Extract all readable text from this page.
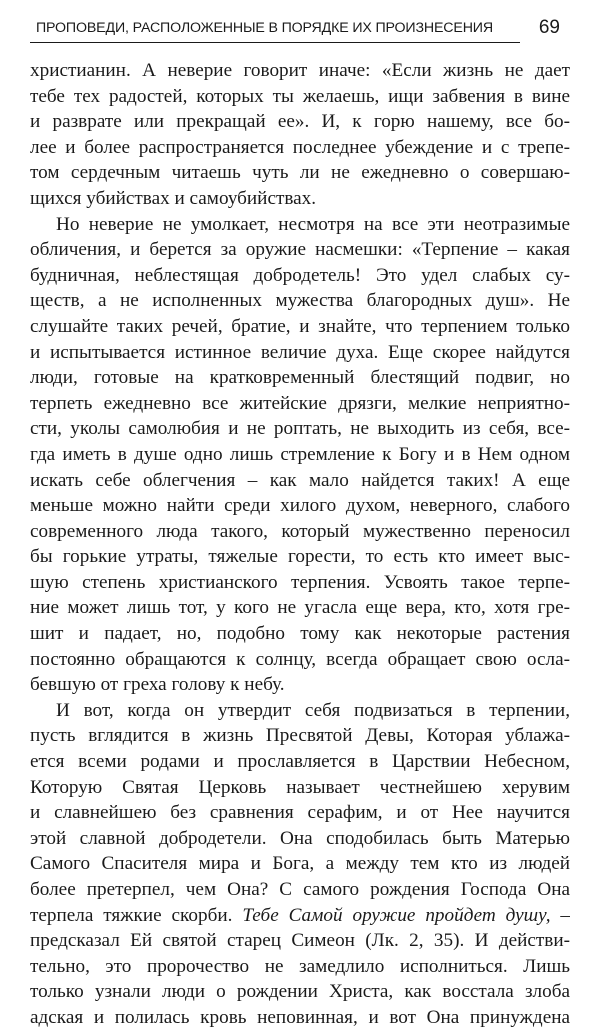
ПРОПОВЕДИ, РАСПОЛОЖЕННЫЕ В ПОРЯДКЕ ИХ ПРОИЗНЕСЕНИЯ 69
христианин. А неверие говорит иначе: «Если жизнь не дает
тебе тех радостей, которых ты желаешь, ищи забвения в вине
и разврате или прекращай ее». И, к горю нашему, все бо-
лее и более распространяется последнее убеждение и с трепе-
том сердечным читаешь чуть ли не ежедневно о совершаю-
щихся убийствах и самоубийствах.
Но неверие не умолкает, несмотря на все эти неотразимые
обличения, и берется за оружие насмешки: «Терпение – какая
будничная, неблестящая добродетель! Это удел слабых су-
ществ, а не исполненных мужества благородных душ». Не
слушайте таких речей, братие, и знайте, что терпением только
и испытывается истинное величие духа. Еще скорее найдутся
люди, готовые на кратковременный блестящий подвиг, но
терпеть ежедневно все житейские дрязги, мелкие неприятно-
сти, уколы самолюбия и не роптать, не выходить из себя, все-
гда иметь в душе одно лишь стремление к Богу и в Нем одном
искать себе облегчения – как мало найдется таких! А еще
меньше можно найти среди хилого духом, неверного, слабого
современного люда такого, который мужественно переносил
бы горькие утраты, тяжелые горести, то есть кто имеет выс-
шую степень христианского терпения. Усвоять такое терпе-
ние может лишь тот, у кого не угасла еще вера, кто, хотя гре-
шит и падает, но, подобно тому как некоторые растения
постоянно обращаются к солнцу, всегда обращает свою осла-
бевшую от греха голову к небу.
И вот, когда он утвердит себя подвизаться в терпении,
пусть вглядится в жизнь Пресвятой Девы, Которая ублажа-
ется всеми родами и прославляется в Царствии Небесном,
Которую Святая Церковь называет честнейшею херувим
и славнейшею без сравнения серафим, и от Нее научится
этой славной добродетели. Она сподобилась быть Матерью
Самого Спасителя мира и Бога, а между тем кто из людей
более претерпел, чем Она? С самого рождения Господа Она
терпела тяжкие скорби. Тебе Самой оружие пройдет душу, –
предсказал Ей святой старец Симеон (Лк. 2, 35). И действи-
тельно, это пророчество не замедлило исполниться. Лишь
только узнали люди о рождении Христа, как восстала злоба
адская и полилась кровь неповинная, и вот Она принуждена
